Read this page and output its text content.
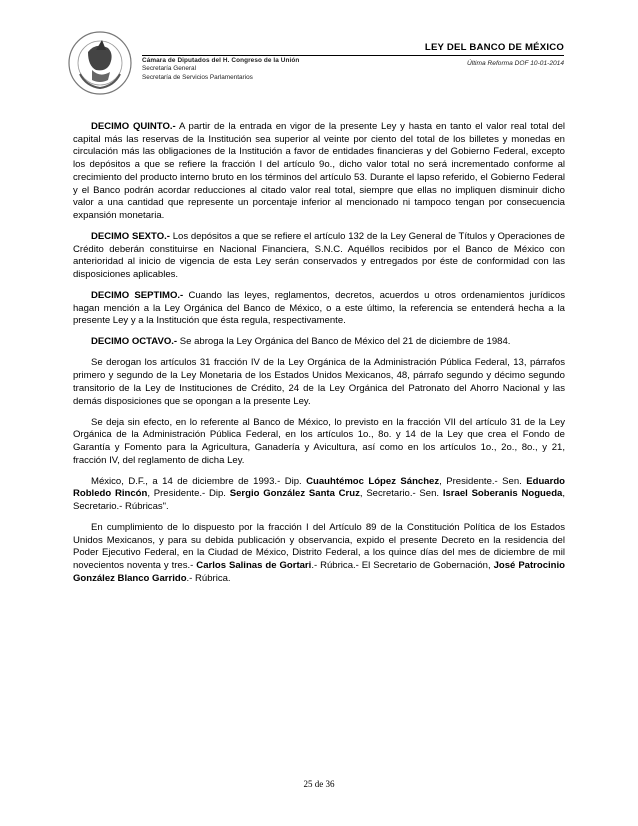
LEY DEL BANCO DE MÉXICO
Cámara de Diputados del H. Congreso de la Unión
Secretaría General
Secretaría de Servicios Parlamentarios
Última Reforma DOF 10-01-2014

DECIMO QUINTO.- A partir de la entrada en vigor de la presente Ley y hasta en tanto el valor real total del capital más las reservas de la Institución sea superior al veinte por ciento del total de los billetes y monedas en circulación más las obligaciones de la Institución a favor de entidades financieras y del Gobierno Federal, excepto los depósitos a que se refiere la fracción I del artículo 9o., dicho valor total no será incrementado conforme al crecimiento del producto interno bruto en los términos del artículo 53. Durante el lapso referido, el Gobierno Federal y el Banco podrán acordar reducciones al citado valor real total, siempre que ellas no impliquen disminuir dicho valor a una cantidad que represente un porcentaje inferior al mencionado ni tampoco tengan por consecuencia expansión monetaria.

DECIMO SEXTO.- Los depósitos a que se refiere el artículo 132 de la Ley General de Títulos y Operaciones de Crédito deberán constituirse en Nacional Financiera, S.N.C. Aquéllos recibidos por el Banco de México con anterioridad al inicio de vigencia de esta Ley serán conservados y entregados por éste de conformidad con las disposiciones aplicables.

DECIMO SEPTIMO.- Cuando las leyes, reglamentos, decretos, acuerdos u otros ordenamientos jurídicos hagan mención a la Ley Orgánica del Banco de México, o a este último, la referencia se entenderá hecha a la presente Ley y a la Institución que ésta regula, respectivamente.

DECIMO OCTAVO.- Se abroga la Ley Orgánica del Banco de México del 21 de diciembre de 1984.

Se derogan los artículos 31 fracción IV de la Ley Orgánica de la Administración Pública Federal, 13, párrafos primero y segundo de la Ley Monetaria de los Estados Unidos Mexicanos, 48, párrafo segundo y décimo segundo transitorio de la Ley de Instituciones de Crédito, 24 de la Ley Orgánica del Patronato del Ahorro Nacional y las demás disposiciones que se opongan a la presente Ley.

Se deja sin efecto, en lo referente al Banco de México, lo previsto en la fracción VII del artículo 31 de la Ley Orgánica de la Administración Pública Federal, en los artículos 1o., 8o. y 14 de la Ley que crea el Fondo de Garantía y Fomento para la Agricultura, Ganadería y Avicultura, así como en los artículos 1o., 2o., 8o., y 21, fracción IV, del reglamento de dicha Ley.

México, D.F., a 14 de diciembre de 1993.- Dip. Cuauhtémoc López Sánchez, Presidente.- Sen. Eduardo Robledo Rincón, Presidente.- Dip. Sergio González Santa Cruz, Secretario.- Sen. Israel Soberanis Nogueda, Secretario.- Rúbricas".

En cumplimiento de lo dispuesto por la fracción I del Artículo 89 de la Constitución Política de los Estados Unidos Mexicanos, y para su debida publicación y observancia, expido el presente Decreto en la residencia del Poder Ejecutivo Federal, en la Ciudad de México, Distrito Federal, a los quince días del mes de diciembre de mil novecientos noventa y tres.- Carlos Salinas de Gortari.- Rúbrica.- El Secretario de Gobernación, José Patrocinio González Blanco Garrido.- Rúbrica.

25 de 36
